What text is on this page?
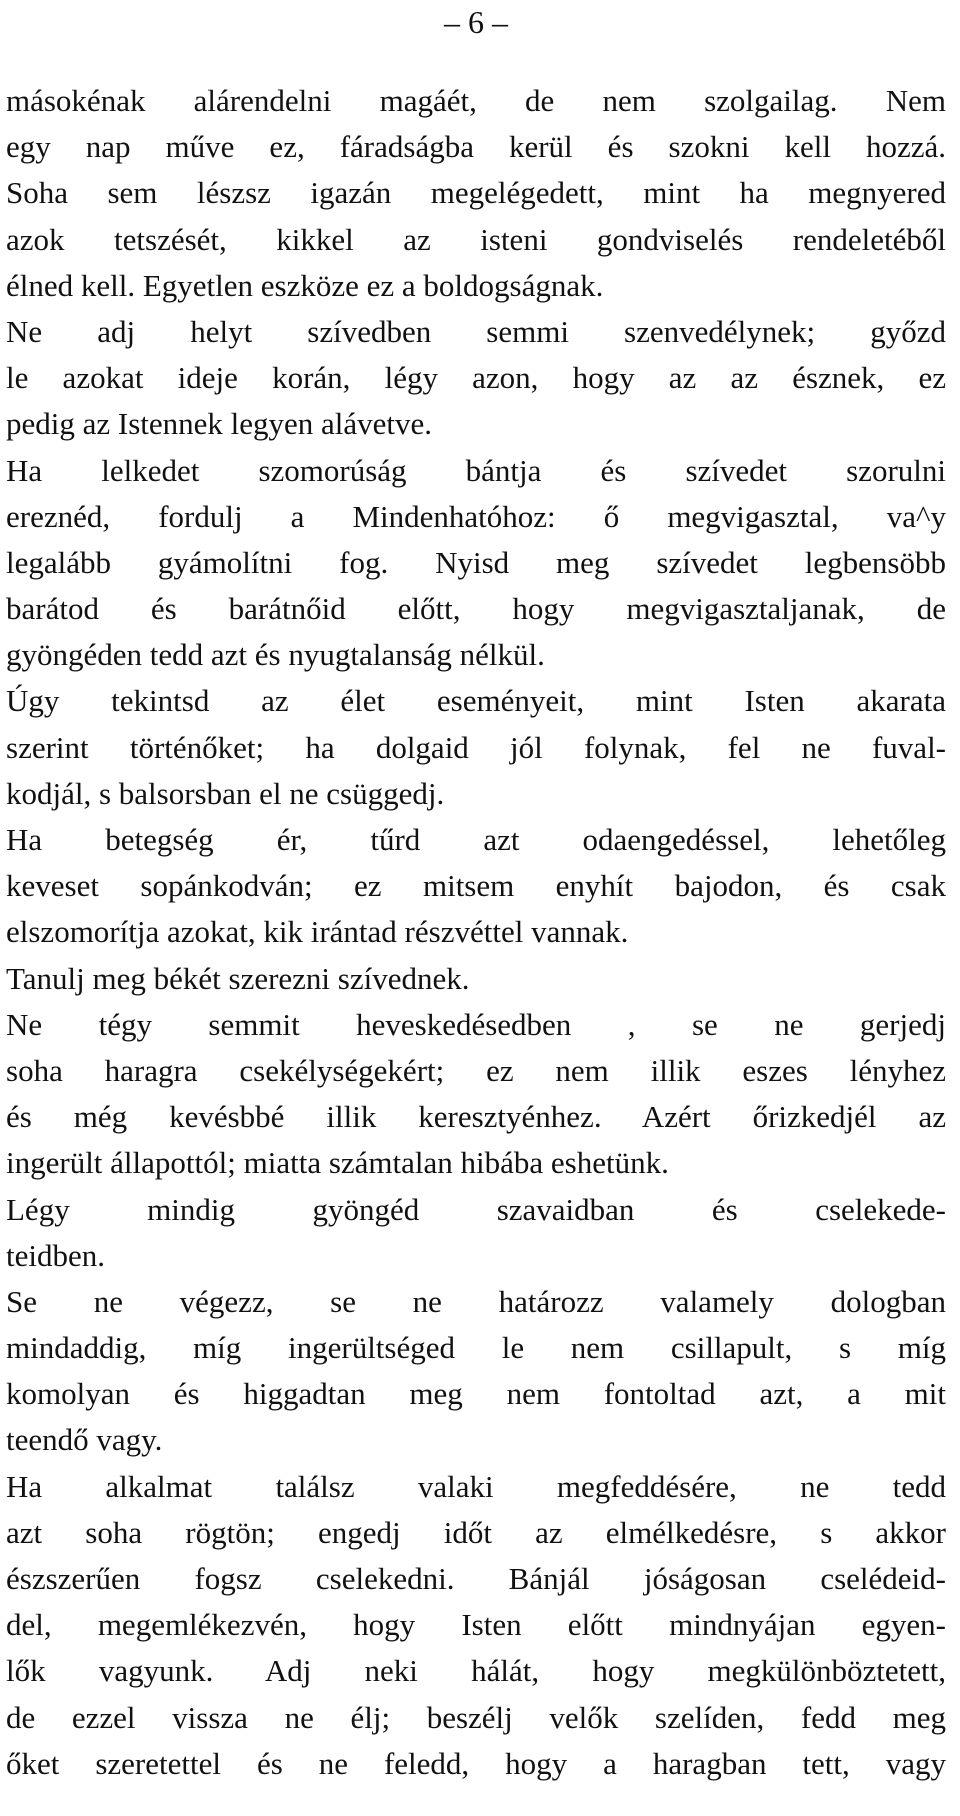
– 6 –
másokénak alárendelni magáét, de nem szolgailag. Nem
egy nap műve ez, fáradságba kerül és szokni kell hozzá.
Soha sem lészsz igazán megelégedett, mint ha megnyered
azok tetszését, kikkel az isteni gondviselés rendeletéből
élned kell. Egyetlen eszköze ez a boldogságnak.
Ne adj helyt szívedben semmi szenvedélynek; győzd
le azokat ideje korán, légy azon, hogy az az észnek, ez
pedig az Istennek legyen alávetve.
Ha lelkedet szomorúság bántja és szívedet szorulni
ereznéd, fordulj a Mindenhatóhoz: ő megvigasztal, va^y
legalább gyámolítni fog. Nyisd meg szívedet legbensöbb
barátod és barátnőid előtt, hogy megvigasztaljanak, de
gyöngéden tedd azt és nyugtalanság nélkül.
Úgy tekintsd az élet eseményeit, mint Isten akarata
szerint történőket; ha dolgaid jól folynak, fel ne fuval-
kodjál, s balsorsban el ne csüggedj.
Ha betegség ér, tűrd azt odaengedéssel, lehetőleg
keveset sopánkodván; ez mitsem enyhít bajodon, és csak
elszomorítja azokat, kik irántad részvéttel vannak.
Tanulj meg békét szerezni szívednek.
Ne tégy semmit heveskedésedben , se ne gerjedj
soha haragra csekélységekért; ez nem illik eszes lényhez
és még kevésbbé illik keresztyénhez. Azért őrizkedjél az
ingerült állapottól; miatta számtalan hibába eshetünk.
Légy mindig gyöngéd szavaidban és cselekede-
teidben.
Se ne végezz, se ne határozz valamely dologban
mindaddig, míg ingerültséged le nem csillapult, s míg
komolyan és higgadtan meg nem fontoltad azt, a mit
teendő vagy.
Ha alkalmat találsz valaki megfeddésére, ne tedd
azt soha rögtön; engedj időt az elmélkedésre, s akkor
észszerűen fogsz cselekedni. Bánjál jóságosan cselédeid-
del, megemlékezvén, hogy Isten előtt mindnyájan egyen-
lők vagyunk. Adj neki hálát, hogy megkülönböztetett,
de ezzel vissza ne élj; beszélj velők szelíden, fedd meg
őket szeretettel és ne feledd, hogy a haragban tett, vagy
